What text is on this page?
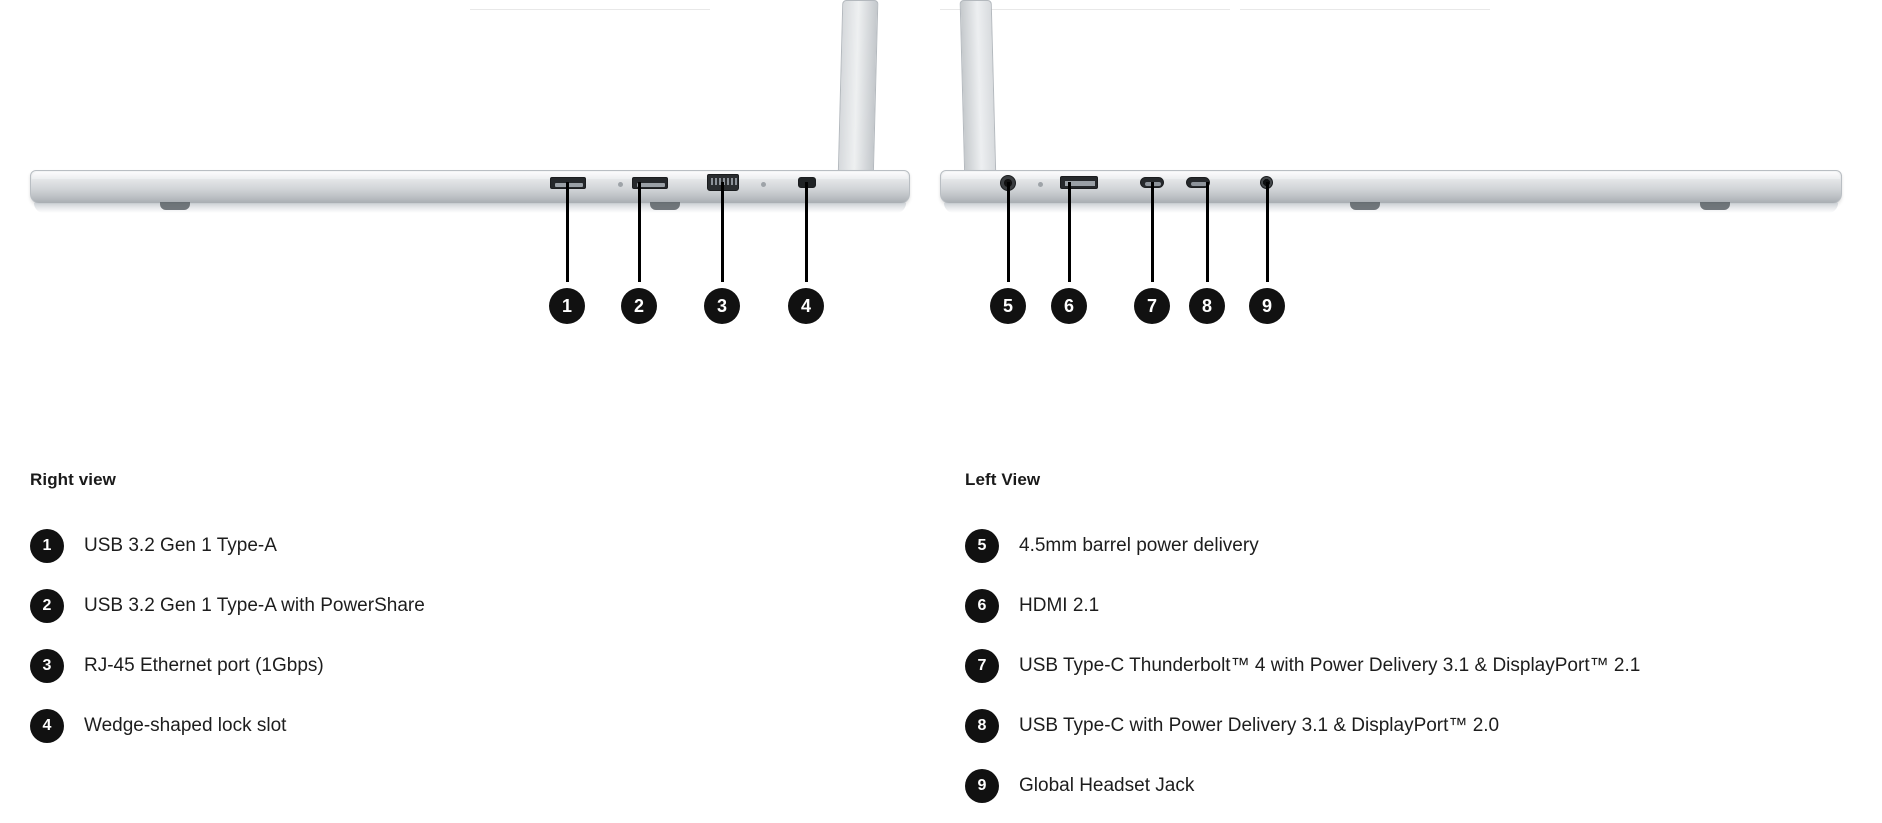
1	2	3	4	5	6	7	8	9
Right view
1	USB 3.2 Gen 1 Type-A
2	USB 3.2 Gen 1 Type-A with PowerShare
3	RJ-45 Ethernet port (1Gbps)
4	Wedge-shaped lock slot
Left View
5	4.5mm barrel power delivery
6	HDMI 2.1
7	USB Type-C Thunderbolt™ 4 with Power Delivery 3.1 & DisplayPort™ 2.1
8	USB Type-C with Power Delivery 3.1 & DisplayPort™ 2.0
9	Global Headset Jack
